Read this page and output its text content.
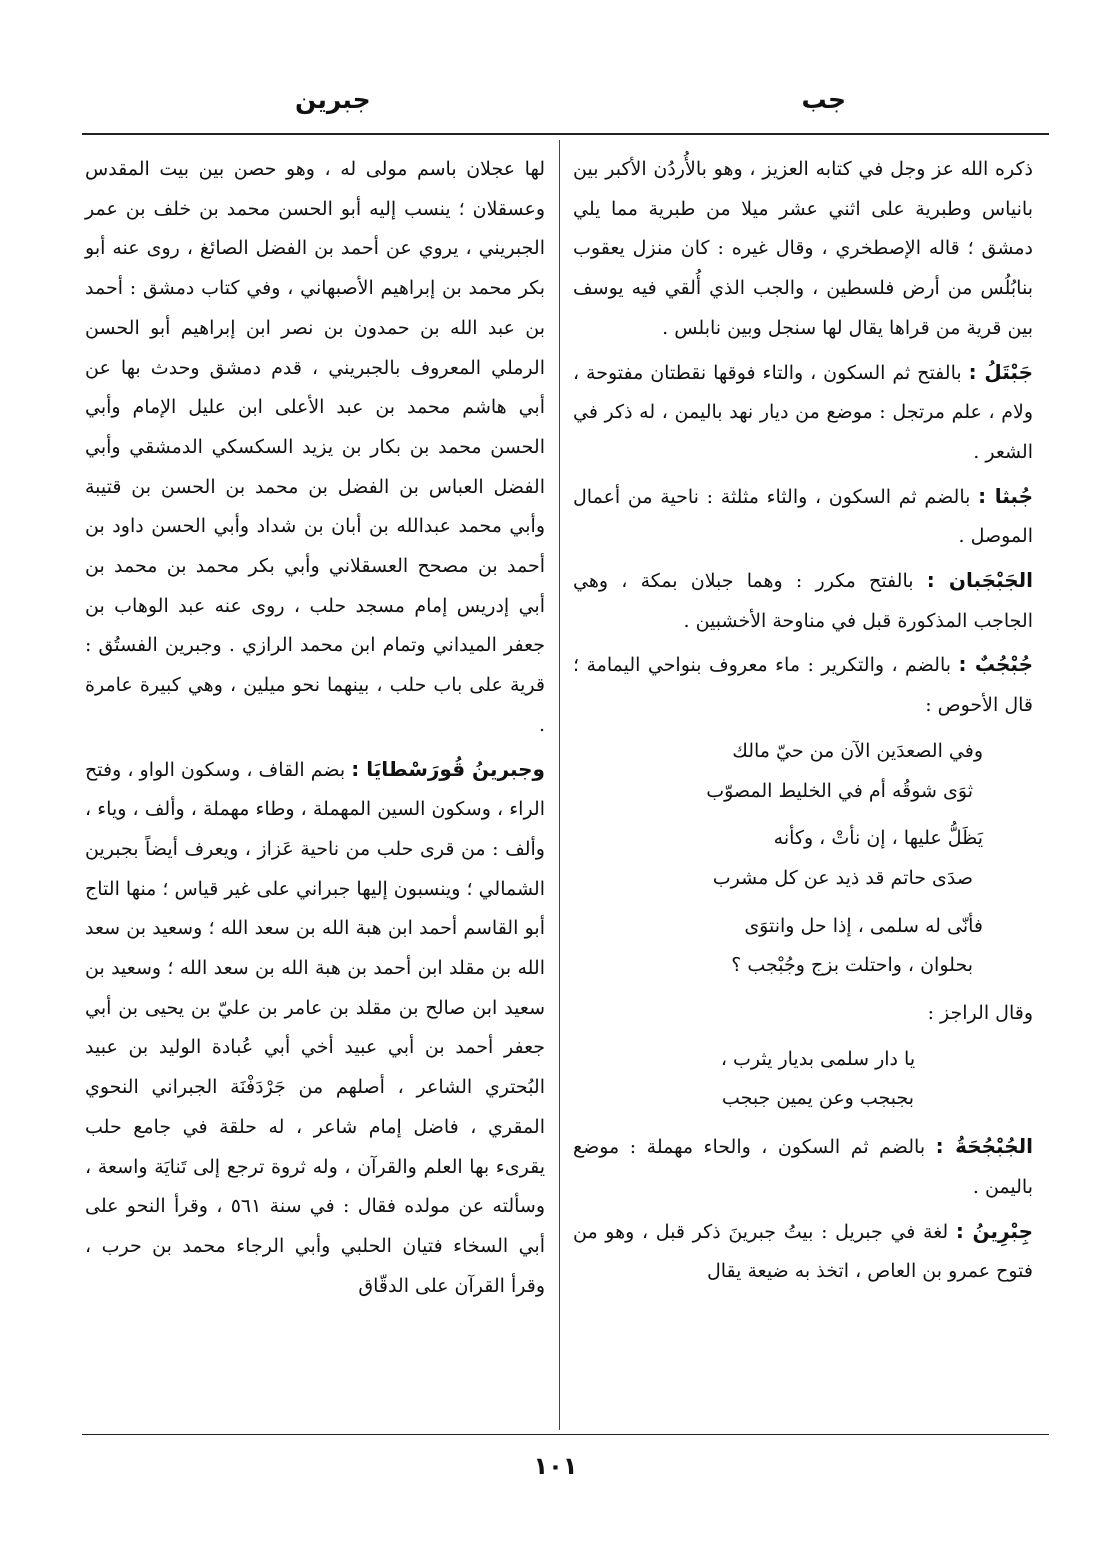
جب
جبرين

ذكره الله عز وجل في كتابه العزيز ، وهو بالأُردُن الأكبر بين بانياس وطبرية على اثني عشر ميلا من طبرية مما يلي دمشق ؛ قاله الإصطخري ، وقال غيره : كان منزل يعقوب بنابُلُس من أرض فلسطين ، والجب الذي أُلقي فيه يوسف بين قرية من قراها يقال لها سنجل وبين نابلس .

جَبْتَلُ : بالفتح ثم السكون ، والتاء فوقها نقطتان مفتوحة ، ولام ، علم مرتجل : موضع من ديار نهد باليمن ، له ذكر في الشعر .

جُبثا : بالضم ثم السكون ، والثاء مثلثة : ناحية من أعمال الموصل .

الجَبْجَبان : بالفتح مكرر : وهما جبلان بمكة ، وهي الجاجب المذكورة قبل في مناوحة الأخشبين .

جُبْجُبٌ : بالضم ، والتكرير : ماء معروف بنواحي اليمامة ؛ قال الأحوص :

وفي الصعدَين الآن من حيّ مالك

ثوَى شوقُه أم في الخليط المصوّب

يَظَلُّ عليها ، إن نأتْ ، وكأنه

صدَى حاتم قد ذيد عن كل مشرب

فأنّى له سلمى ، إذا حل وانتوَى

بحلوان ، واحتلت بزج وجُبْجب ؟

وقال الراجز :

يا دار سلمى بديار يثرب ،

بجبجب وعن يمين جبجب

الجُبْجُحَةُ : بالضم ثم السكون ، والحاء مهملة : موضع باليمن .

جِبْرِينُ : لغة في جبريل : بيتُ جبرينَ ذكر قبل ، وهو من فتوح عمرو بن العاص ، اتخذ به ضيعة يقال

لها عجلان باسم مولى له ، وهو حصن بين بيت المقدس وعسقلان ؛ ينسب إليه أبو الحسن محمد بن خلف بن عمر الجبريني ، يروي عن أحمد بن الفضل الصائغ ، روى عنه أبو بكر محمد بن إبراهيم الأصبهاني ، وفي كتاب دمشق : أحمد بن عبد الله بن حمدون بن نصر ابن إبراهيم أبو الحسن الرملي المعروف بالجبريني ، قدم دمشق وحدث بها عن أبي هاشم محمد بن عبد الأعلى ابن عليل الإمام وأبي الحسن محمد بن بكار بن يزيد السكسكي الدمشقي وأبي الفضل العباس بن الفضل بن محمد بن الحسن بن قتيبة وأبي محمد عبدالله بن أبان بن شداد وأبي الحسن داود بن أحمد بن مصحح العسقلاني وأبي بكر محمد بن محمد بن أبي إدريس إمام مسجد حلب ، روى عنه عبد الوهاب بن جعفر الميداني وتمام ابن محمد الرازي . وجبرين الفستُق : قرية على باب حلب ، بينهما نحو ميلين ، وهي كبيرة عامرة .

وجبرينُ قُورَسْطايَا : بضم القاف ، وسكون الواو ، وفتح الراء ، وسكون السين المهملة ، وطاء مهملة ، وألف ، وياء ، وألف : من قرى حلب من ناحية عَزاز ، ويعرف أيضاً بجبرين الشمالي ؛ وينسبون إليها جبراني على غير قياس ؛ منها التاج أبو القاسم أحمد ابن هبة الله بن سعد الله ؛ وسعيد بن سعد الله بن مقلد ابن أحمد بن هبة الله بن سعد الله ؛ وسعيد بن سعيد ابن صالح بن مقلد بن عامر بن عليّ بن يحيى بن أبي جعفر أحمد بن أبي عبيد أخي أبي عُبادة الوليد بن عبيد البُحتري الشاعر ، أصلهم من جَرْدَفْنَة الجبراني النحوي المقري ، فاضل إمام شاعر ، له حلقة في جامع حلب يقرىء بها العلم والقرآن ، وله ثروة ترجع إلى تَنايَة واسعة ، وسألته عن مولده فقال : في سنة ٥٦١ ، وقرأ النحو على أبي السخاء فتيان الحلبي وأبي الرجاء محمد بن حرب ، وقرأ القرآن على الدقّاق

١٠١
